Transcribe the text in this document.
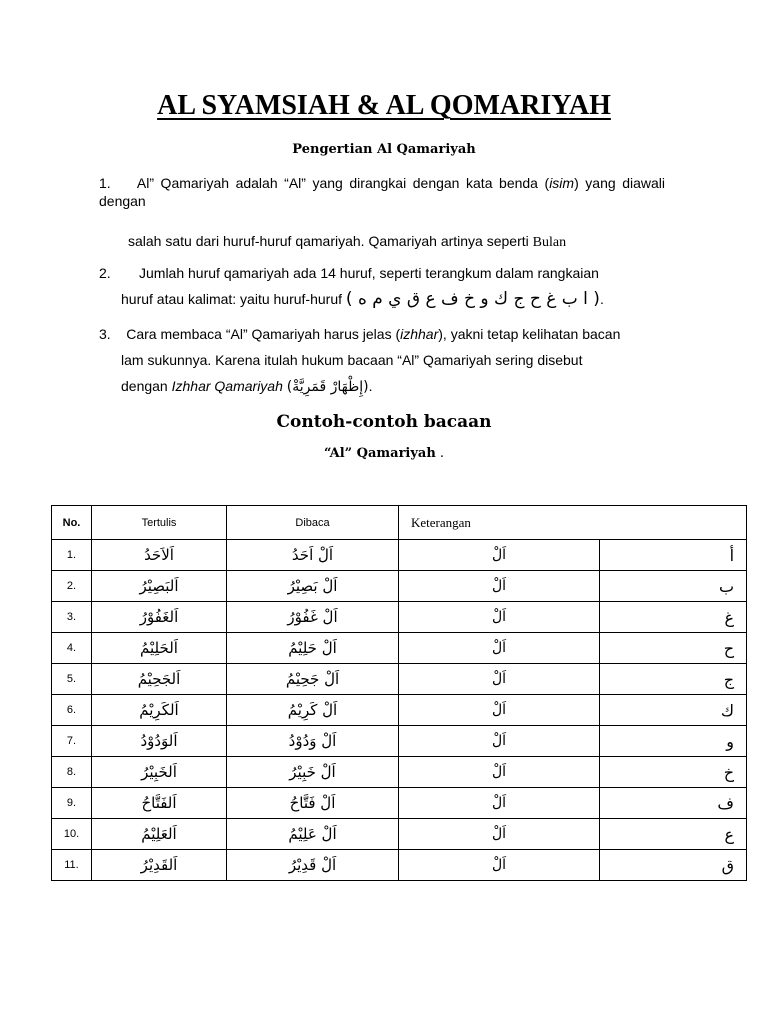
AL SYAMSIAH & AL QOMARIYAH
Pengertian Al Qamariyah
1. Al” Qamariyah adalah “Al” yang dirangkai dengan kata benda (isim) yang diawali dengan
salah satu dari huruf-huruf qamariyah. Qamariyah artinya seperti Bulan
2. Jumlah huruf qamariyah ada 14 huruf, seperti terangkum dalam rangkaian
huruf atau kalimat: yaitu huruf-huruf ( ا ب غ ح ج ك و خ ف ع ق ي م ه ).
3. Cara membaca “Al” Qamariyah harus jelas (izhhar), yakni tetap kelihatan bacan
lam sukunnya. Karena itulah hukum bacaan “Al” Qamariyah sering disebut
dengan Izhhar Qamariyah (إِظْهَارْ قَمَرِيَّةْ).
Contoh-contoh bacaan
“Al” Qamariyah .
No.	Tertulis	Dibaca	Keterangan	
1.	اَلاَحَدُ	اَلْ اَحَدُ	اَلْ	أ
2.	اَلبَصِيْرُ	اَلْ بَصِيْرُ	اَلْ	ب
3.	اَلغَفُوْرُ	اَلْ غَفُوْرُ	اَلْ	غ
4.	اَلحَلِيْمُ	اَلْ حَلِيْمُ	اَلْ	ح
5.	اَلجَحِيْمُ	اَلْ جَحِيْمُ	اَلْ	ج
6.	اَلكَرِيْمُ	اَلْ كَرِيْمُ	اَلْ	ك
7.	اَلوَدُوْدُ	اَلْ وَدُوْدُ	اَلْ	و
8.	اَلخَبِيْرُ	اَلْ خَبِيْرُ	اَلْ	خ
9.	اَلفَتَّاحُ	اَلْ فَتَّاحُ	اَلْ	ف
10.	اَلعَلِيْمُ	اَلْ عَلِيْمُ	اَلْ	ع
11.	اَلقَدِيْرُ	اَلْ قَدِيْرُ	اَلْ	ق
